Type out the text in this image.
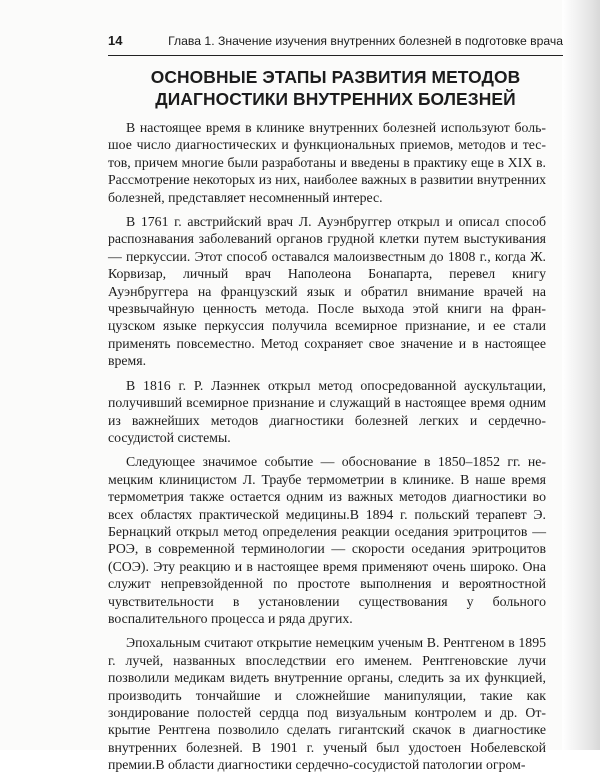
14	Глава 1. Значение изучения внутренних болезней в подготовке врача
ОСНОВНЫЕ ЭТАПЫ РАЗВИТИЯ МЕТОДОВ
ДИАГНОСТИКИ ВНУТРЕННИХ БОЛЕЗНЕЙ

В настоящее время в клинике внутренних болезней используют большое число диагностических и функциональных приемов, методов и тестов, причем многие были разработаны и введены в практику еще в XIX в. Рассмотрение некоторых из них, наиболее важных в развитии внутренних болезней, представляет несомненный интерес.

В 1761 г. австрийский врач Л. Ауэнбруггер открыл и описал способ распознавания заболеваний органов грудной клетки путем выстукивания — перкуссии. Этот способ оставался малоизвестным до 1808 г., когда Ж. Корвизар, личный врач Наполеона Бонапарта, перевел книгу Ауэнбруггера на французский язык и обратил внимание врачей на чрезвычайную ценность метода. После выхода этой книги на французском языке перкуссия получила всемирное признание, и ее стали применять повсеместно. Метод сохраняет свое значение и в настоящее время.

В 1816 г. Р. Лаэннек открыл метод опосредованной аускультации, получивший всемирное признание и служащий в настоящее время одним из важнейших методов диагностики болезней легких и сердечнососудистой системы.

Следующее значимое событие — обоснование в 1850–1852 гг. немецким клиницистом Л. Траубе термометрии в клинике. В наше время термометрия также остается одним из важных методов диагностики во всех областях практической медицины.В 1894 г. польский терапевт Э. Бернацкий открыл метод определения реакции оседания эритроцитов — РОЭ, в современной терминологии — скорости оседания эритроцитов (СОЭ). Эту реакцию и в настоящее время применяют очень широко. Она служит непревзойденной по простоте выполнения и вероятностной чувствительности в установлении существования у больного воспалительного процесса и ряда других.

Эпохальным считают открытие немецким ученым В. Рентгеном в 1895 г. лучей, названных впоследствии его именем. Рентгеновские лучи позволили медикам видеть внутренние органы, следить за их функцией, производить тончайшие и сложнейшие манипуляции, такие как зондирование полостей сердца под визуальным контролем и др. Открытие Рентгена позволило сделать гигантский скачок в диагностике внутренних болезней. В 1901 г. ученый был удостоен Нобелевской премии.В области диагностики сердечно-сосудистой патологии огром-
